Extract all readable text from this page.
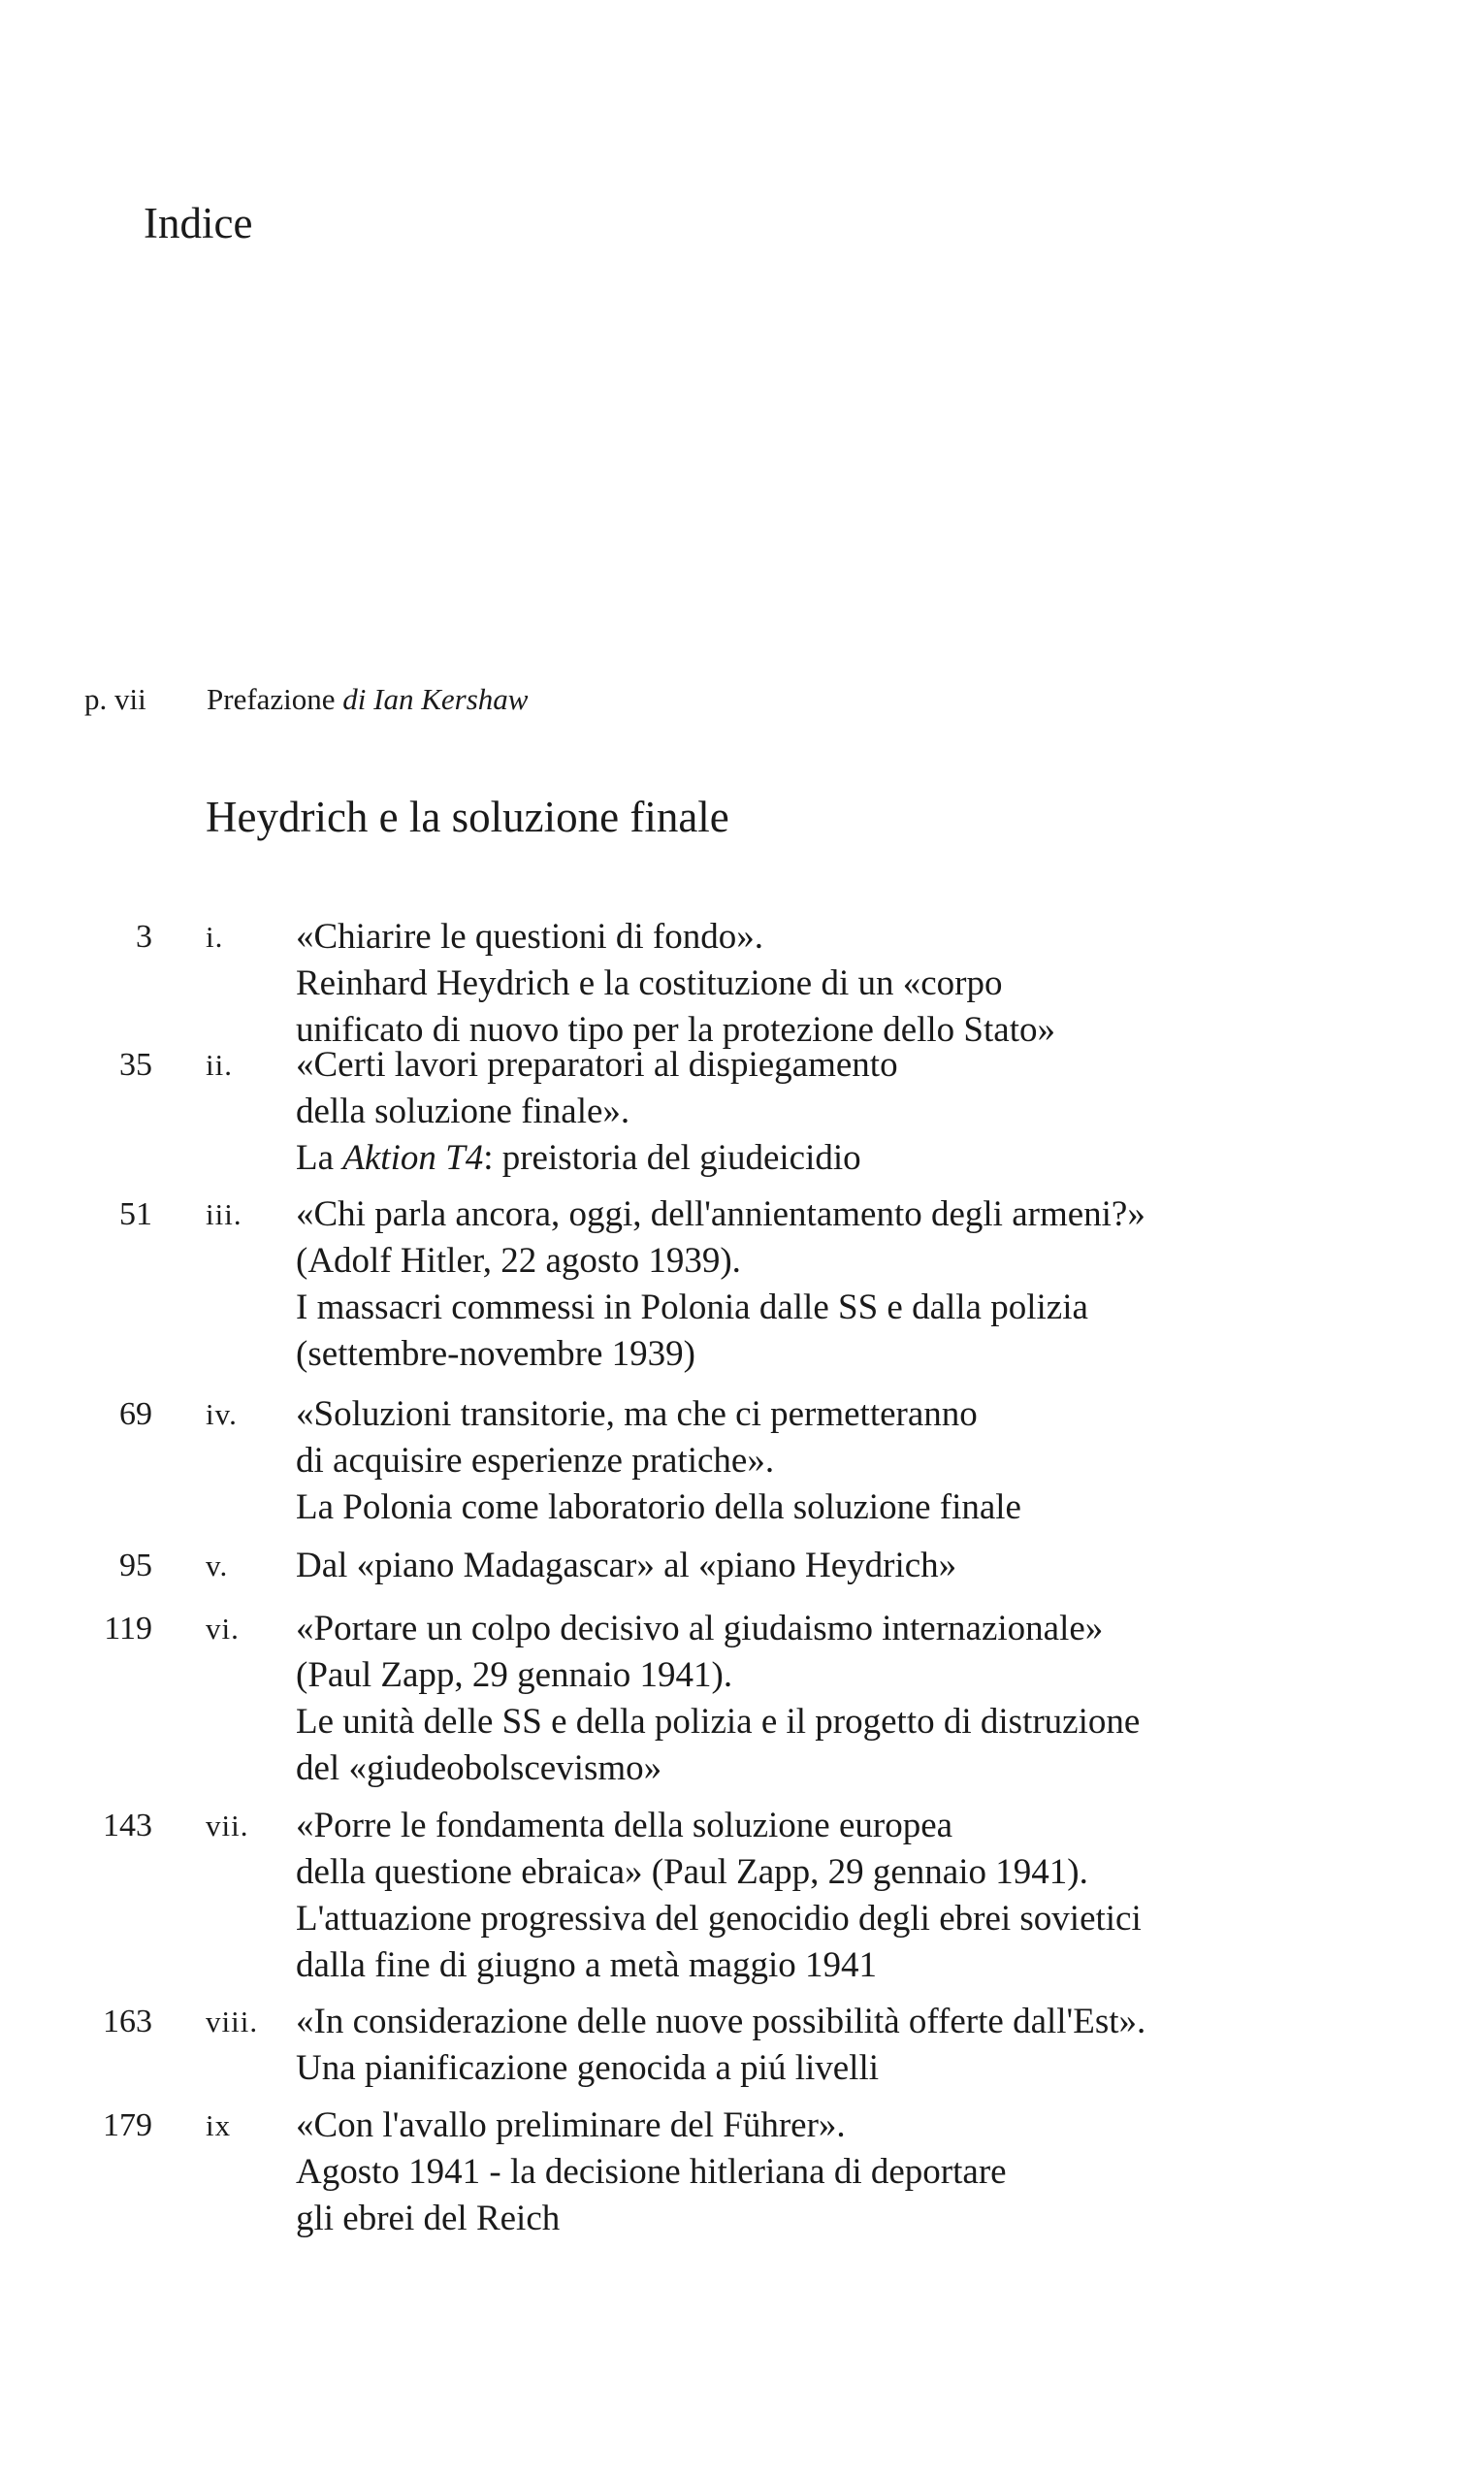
Indice
p. vii Prefazione di Ian Kershaw
Heydrich e la soluzione finale
3 i. «Chiarire le questioni di fondo».
Reinhard Heydrich e la costituzione di un «corpo
unificato di nuovo tipo per la protezione dello Stato»
35 ii. «Certi lavori preparatori al dispiegamento
della soluzione finale».
La Aktion T4: preistoria del giudeicidio
51 iii. «Chi parla ancora, oggi, dell'annientamento degli armeni?»
(Adolf Hitler, 22 agosto 1939).
I massacri commessi in Polonia dalle SS e dalla polizia
(settembre-novembre 1939)
69 iv. «Soluzioni transitorie, ma che ci permetteranno
di acquisire esperienze pratiche».
La Polonia come laboratorio della soluzione finale
95 v. Dal «piano Madagascar» al «piano Heydrich»
119 vi. «Portare un colpo decisivo al giudaismo internazionale»
(Paul Zapp, 29 gennaio 1941).
Le unità delle SS e della polizia e il progetto di distruzione
del «giudeobolscevismo»
143 vii. «Porre le fondamenta della soluzione europea
della questione ebraica» (Paul Zapp, 29 gennaio 1941).
L'attuazione progressiva del genocidio degli ebrei sovietici
dalla fine di giugno a metà maggio 1941
163 viii. «In considerazione delle nuove possibilità offerte dall'Est».
Una pianificazione genocida a piú livelli
179 ix «Con l'avallo preliminare del Führer».
Agosto 1941 - la decisione hitleriana di deportare
gli ebrei del Reich
